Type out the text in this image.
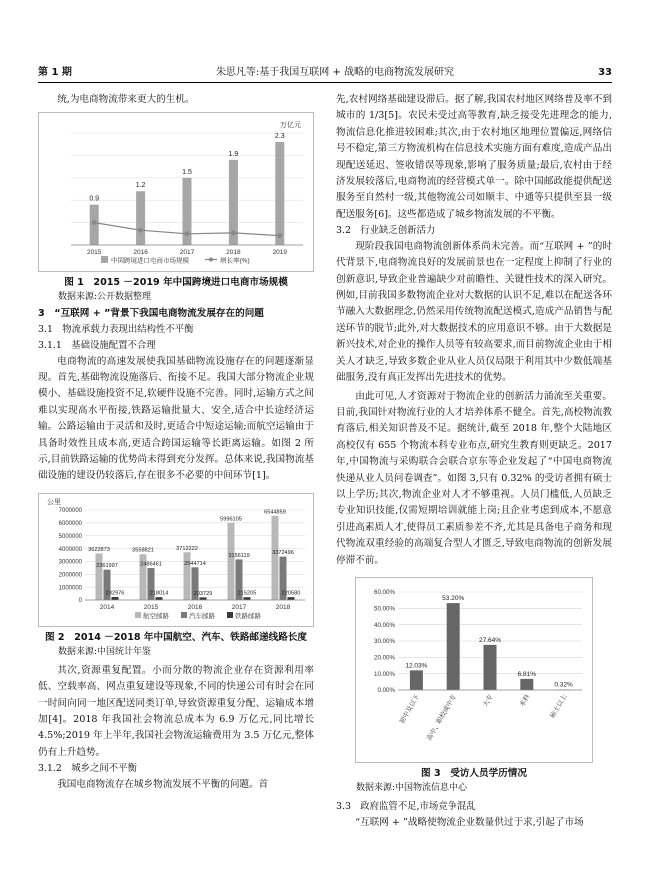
第 1 期	朱思凡等:基于我国互联网 + 战略的电商物流发展研究	33

统,为电商物流带来更大的生机。

万亿元
0.9
2015
1.2
2016
1.5
2017
1.9
2018
2.3
2019
中国跨境进口电商市场规模	增长率(%)
图 1　2015 －2019 年中国跨境进口电商市场规模
数据来源:公开数据整理
3　“互联网 + ”背景下我国电商物流发展存在的问题
3.1　物流承载力表现出结构性不平衡
3.1.1　基础设施配置不合理

电商物流的高速发展使我国基础物流设施存在的问题逐渐显现。首先,基础物流设施落后、衔接不足。我国大部分物流企业规模小、基础设施投资不足,软硬件设施不完善。同时,运输方式之间难以实现高水平衔接,铁路运输批量大、安全,适合中长途经济运输。公路运输由于灵活和及时,更适合中短途运输;而航空运输由于具备时效性且成本高,更适合跨国运输等长距离运输。如图 2 所示,目前铁路运输的优势尚未得到充分发挥。总体来说,我国物流基础设施的建设仍较落后,存在很多不必要的中间环节[1]。

公里
0
1000000
2000000
3000000
4000000
5000000
6000000
7000000
3622873
2361997
232976
2014
3558821
2486461
218014
2015
3712222
2544714
203729
2016
5996105
3156119
215205
2017
6544859
3372496
220580
2018
航空邮路	汽车邮路	铁路邮路
图 2　2014 －2018 年中国航空、汽车、铁路邮递线路长度
数据来源:中国统计年鉴

其次,资源重复配置。小而分散的物流企业存在资源利用率低、空载率高、网点重复建设等现象,不同的快递公司有时会在同一时间向同一地区配送同类订单,导致资源重复分配、运输成本增加[4]。2018 年我国社会物流总成本为 6.9 万亿元,同比增长 4.5%;2019 年上半年,我国社会物流运输费用为 3.5 万亿元,整体仍有上升趋势。

3.1.2　城乡之间不平衡

我国电商物流存在城乡物流发展不平衡的问题。首

先,农村网络基础建设滞后。据了解,我国农村地区网络普及率不到城市的 1/3[5]。农民未受过高等教育,缺乏接受先进理念的能力,物流信息化推进较困难;其次,由于农村地区地理位置偏远,网络信号不稳定,第三方物流机构在信息技术实施方面有难度,造成产品出现配送延迟、签收错误等现象,影响了服务质量;最后,农村由于经济发展较落后,电商物流的经营模式单一。除中国邮政能提供配送服务至自然村一级,其他物流公司如顺丰、中通等只提供至县一级配送服务[6]。这些都造成了城乡物流发展的不平衡。

3.2　行业缺乏创新活力

现阶段我国电商物流创新体系尚未完善。而“互联网 + ”的时代背景下,电商物流良好的发展前景也在一定程度上抑制了行业的创新意识,导致企业普遍缺少对前瞻性、关键性技术的深入研究。例如,目前我国多数物流企业对大数据的认识不足,难以在配送各环节融入大数据理念,仍然采用传统物流配送模式,造成产品销售与配送环节的脱节;此外,对大数据技术的应用意识不够。由于大数据是新兴技术,对企业的操作人员等有较高要求,而目前物流企业由于相关人才缺乏,导致多数企业从业人员仅局限于利用其中少数低端基础服务,没有真正发挥出先进技术的优势。

由此可见,人才资源对于物流企业的创新活力涌流至关重要。目前,我国针对物流行业的人才培养体系不健全。首先,高校物流教育落后,相关知识普及不足。据统计,截至 2018 年,整个大陆地区高校仅有 655 个物流本科专业布点,研究生教育则更缺乏。2017 年,中国物流与采购联合会联合京东等企业发起了“中国电商物流快递从业人员问卷调查”。如图 3,只有 0.32% 的受访者拥有硕士以上学历;其次,物流企业对人才不够重视。人员门槛低,人员缺乏专业知识技能,仅需短期培训就能上岗;且企业考虑到成本,不愿意引进高素质人才,使得员工素质参差不齐,尤其是具备电子商务和现代物流双重经验的高端复合型人才匮乏,导致电商物流的创新发展停滞不前。

0.00%
10.00%
20.00%
30.00%
40.00%
50.00%
60.00%
12.03%
初中及以下
53.20%
高中、职校或中专
27.64%
大专
6.81%
本科
0.32%
硕士以上
图 3　受访人员学历情况
数据来源:中国物流信息中心
3.3　政府监管不足,市场竞争混乱

“互联网 + ”战略使物流企业数量供过于求,引起了市场
